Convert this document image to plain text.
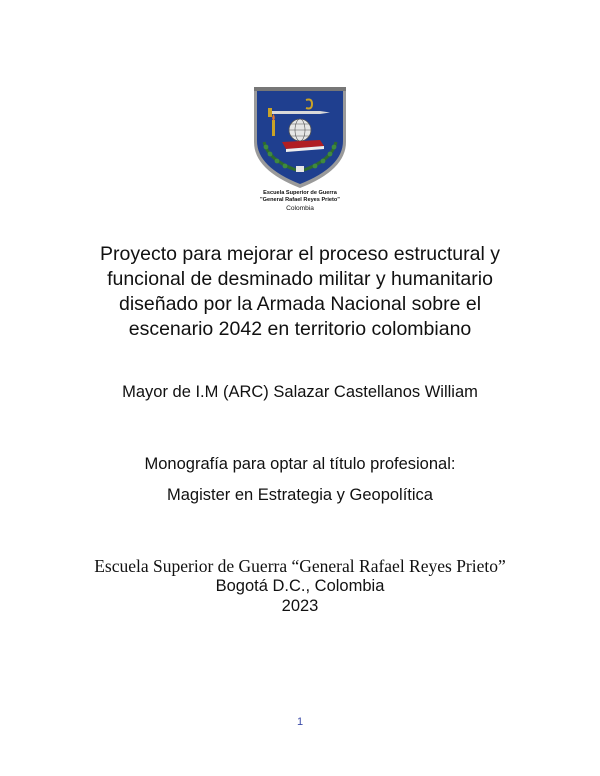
Escuela Superior de Guerra
"General Rafael Reyes Prieto"
Colombia
Proyecto para mejorar el proceso estructural y
funcional de desminado militar y humanitario
diseñado por la Armada Nacional sobre el
escenario 2042 en territorio colombiano
Mayor de I.M (ARC) Salazar Castellanos William
Monografía para optar al título profesional:
Magister en Estrategia y Geopolítica
Escuela Superior de Guerra “General Rafael Reyes Prieto”
Bogotá D.C., Colombia
2023
1
